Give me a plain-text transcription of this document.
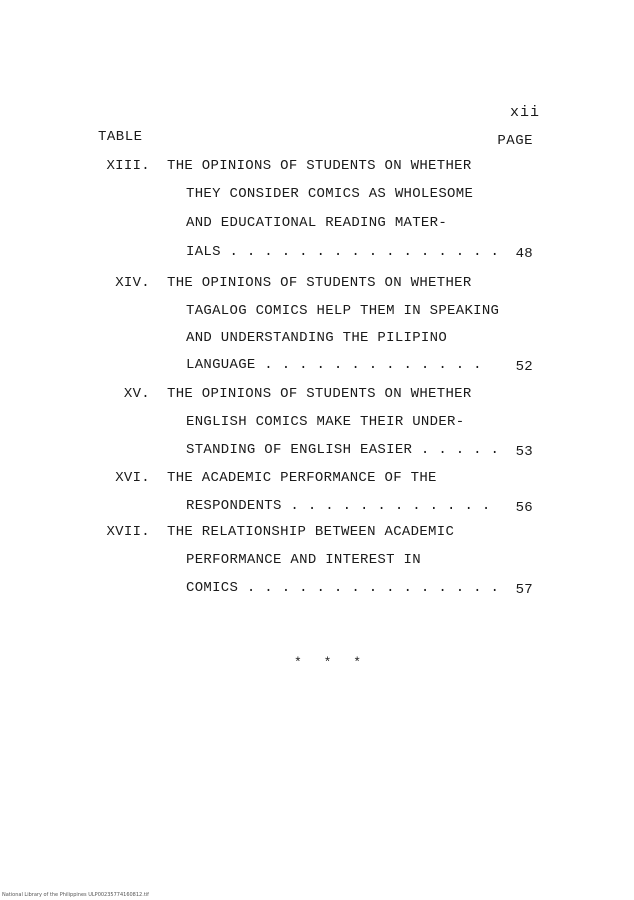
xii
TABLE	PAGE
XIII. THE OPINIONS OF STUDENTS ON WHETHER
THEY CONSIDER COMICS AS WHOLESOME
AND EDUCATIONAL READING MATER-
IALS . . . . . . . . . . . . . . . . 48
XIV. THE OPINIONS OF STUDENTS ON WHETHER
TAGALOG COMICS HELP THEM IN SPEAKING
AND UNDERSTANDING THE PILIPINO
LANGUAGE . . . . . . . . . . . . . 52
XV. THE OPINIONS OF STUDENTS ON WHETHER
ENGLISH COMICS MAKE THEIR UNDER-
STANDING OF ENGLISH EASIER . . . . . 53
XVI. THE ACADEMIC PERFORMANCE OF THE
RESPONDENTS . . . . . . . . . . . . 56
XVII. THE RELATIONSHIP BETWEEN ACADEMIC
PERFORMANCE AND INTEREST IN
COMICS . . . . . . . . . . . . . . . 57
* * *
National Library of the Philippines ULP00235774160812.tif
